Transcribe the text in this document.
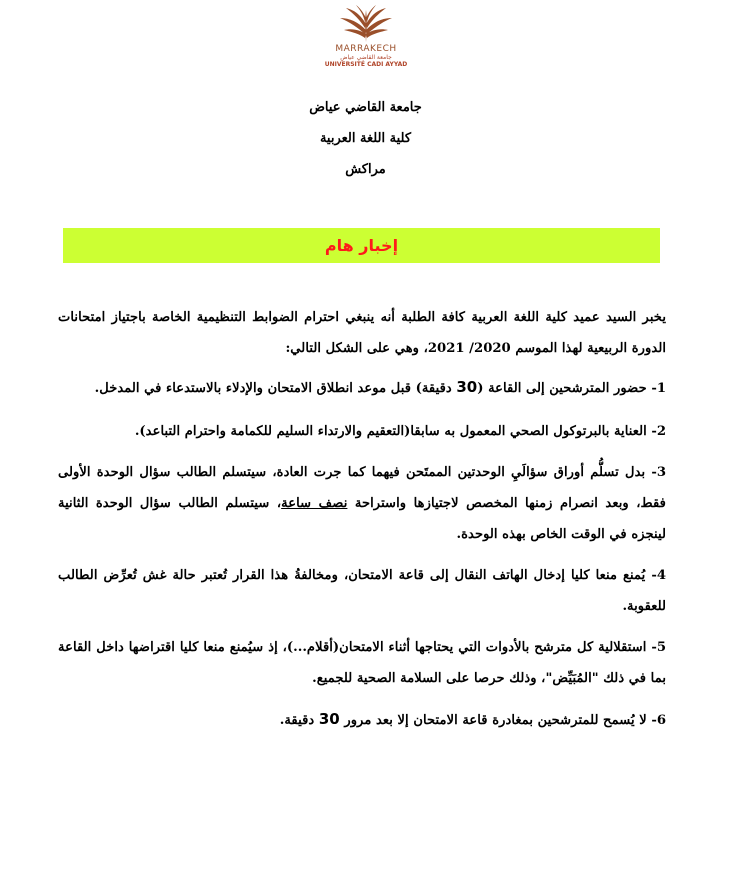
MARRAKECH
جامعة القاضي عياض
UNIVERSITÉ CADI AYYAD
جامعة القاضي عياض
كلية اللغة العربية
مراكش
إخبار هام

يخبر السيد عميد كلية اللغة العربية كافة الطلبة أنه ينبغي احترام الضوابط التنظيمية الخاصة باجتياز امتحانات الدورة الربيعية لهذا الموسم 2020/ 2021، وهي على الشكل التالي:

1- حضور المترشحين إلى القاعة (30 دقيقة) قبل موعد انطلاق الامتحان والإدلاء بالاستدعاء في المدخل.

2- العناية بالبرتوكول الصحي المعمول به سابقا(التعقيم والارتداء السليم للكمامة واحترام التباعد).

3- بدل تسلُّم أوراق سؤالَيِ الوحدتين الممتَحن فيهما كما جرت العادة، سيتسلم الطالب سؤال الوحدة الأولى فقط، وبعد انصرام زمنها المخصص لاجتيازها واستراحة نصف ساعة، سيتسلم الطالب سؤال الوحدة الثانية لينجزه في الوقت الخاص بهذه الوحدة.

4- يُمنع منعا كليا إدخال الهاتف النقال إلى قاعة الامتحان، ومخالفةُ هذا القرار تُعتبر حالة غش تُعرِّض الطالب للعقوبة.

5- استقلالية كل مترشح بالأدوات التي يحتاجها أثناء الامتحان(أقلام...)، إذ سيُمنع منعا كليا اقتراضها داخل القاعة بما في ذلك "المُبَيِّض"، وذلك حرصا على السلامة الصحية للجميع.

6- لا يُسمح للمترشحين بمغادرة قاعة الامتحان إلا بعد مرور 30 دقيقة.
